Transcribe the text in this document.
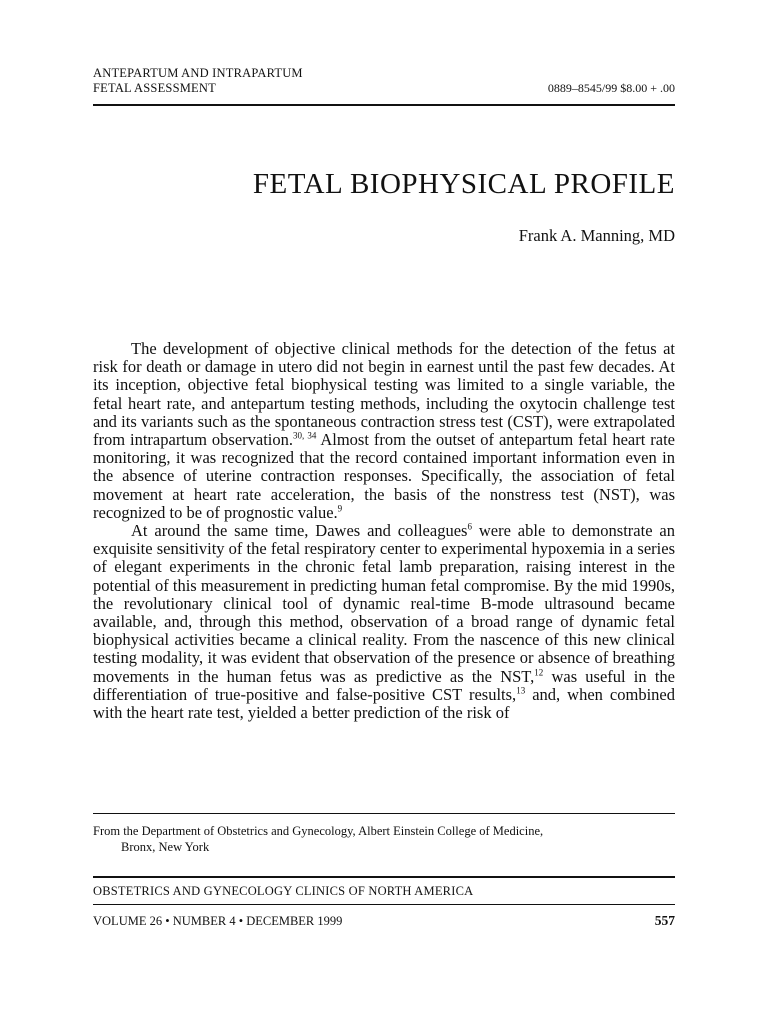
ANTEPARTUM AND INTRAPARTUM
FETAL ASSESSMENT	0889–8545/99 $8.00 + .00
FETAL BIOPHYSICAL PROFILE
Frank A. Manning, MD

The development of objective clinical methods for the detection of the fetus at risk for death or damage in utero did not begin in earnest until the past few decades. At its inception, objective fetal biophysical testing was limited to a single variable, the fetal heart rate, and antepartum testing methods, including the oxytocin challenge test and its variants such as the spontaneous contraction stress test (CST), were extrapolated from intrapartum observation.$^{30, 34}$ Almost from the outset of antepartum fetal heart rate monitoring, it was recognized that the record contained important information even in the absence of uterine contraction responses. Specifically, the association of fetal movement at heart rate acceleration, the basis of the nonstress test (NST), was recognized to be of prognostic value.$^9$

At around the same time, Dawes and colleagues$^6$ were able to demonstrate an exquisite sensitivity of the fetal respiratory center to experimental hypoxemia in a series of elegant experiments in the chronic fetal lamb preparation, raising interest in the potential of this measurement in predicting human fetal compromise. By the mid 1990s, the revolutionary clinical tool of dynamic real-time B-mode ultrasound became available, and, through this method, observation of a broad range of dynamic fetal biophysical activities became a clinical reality. From the nascence of this new clinical testing modality, it was evident that observation of the presence or absence of breathing movements in the human fetus was as predictive as the NST,$^{12}$ was useful in the differentiation of true-positive and false-positive CST results,$^{13}$ and, when combined with the heart rate test, yielded a better prediction of the risk of

From the Department of Obstetrics and Gynecology, Albert Einstein College of Medicine,
Bronx, New York
OBSTETRICS AND GYNECOLOGY CLINICS OF NORTH AMERICA
VOLUME 26 • NUMBER 4 • DECEMBER 1999	557
